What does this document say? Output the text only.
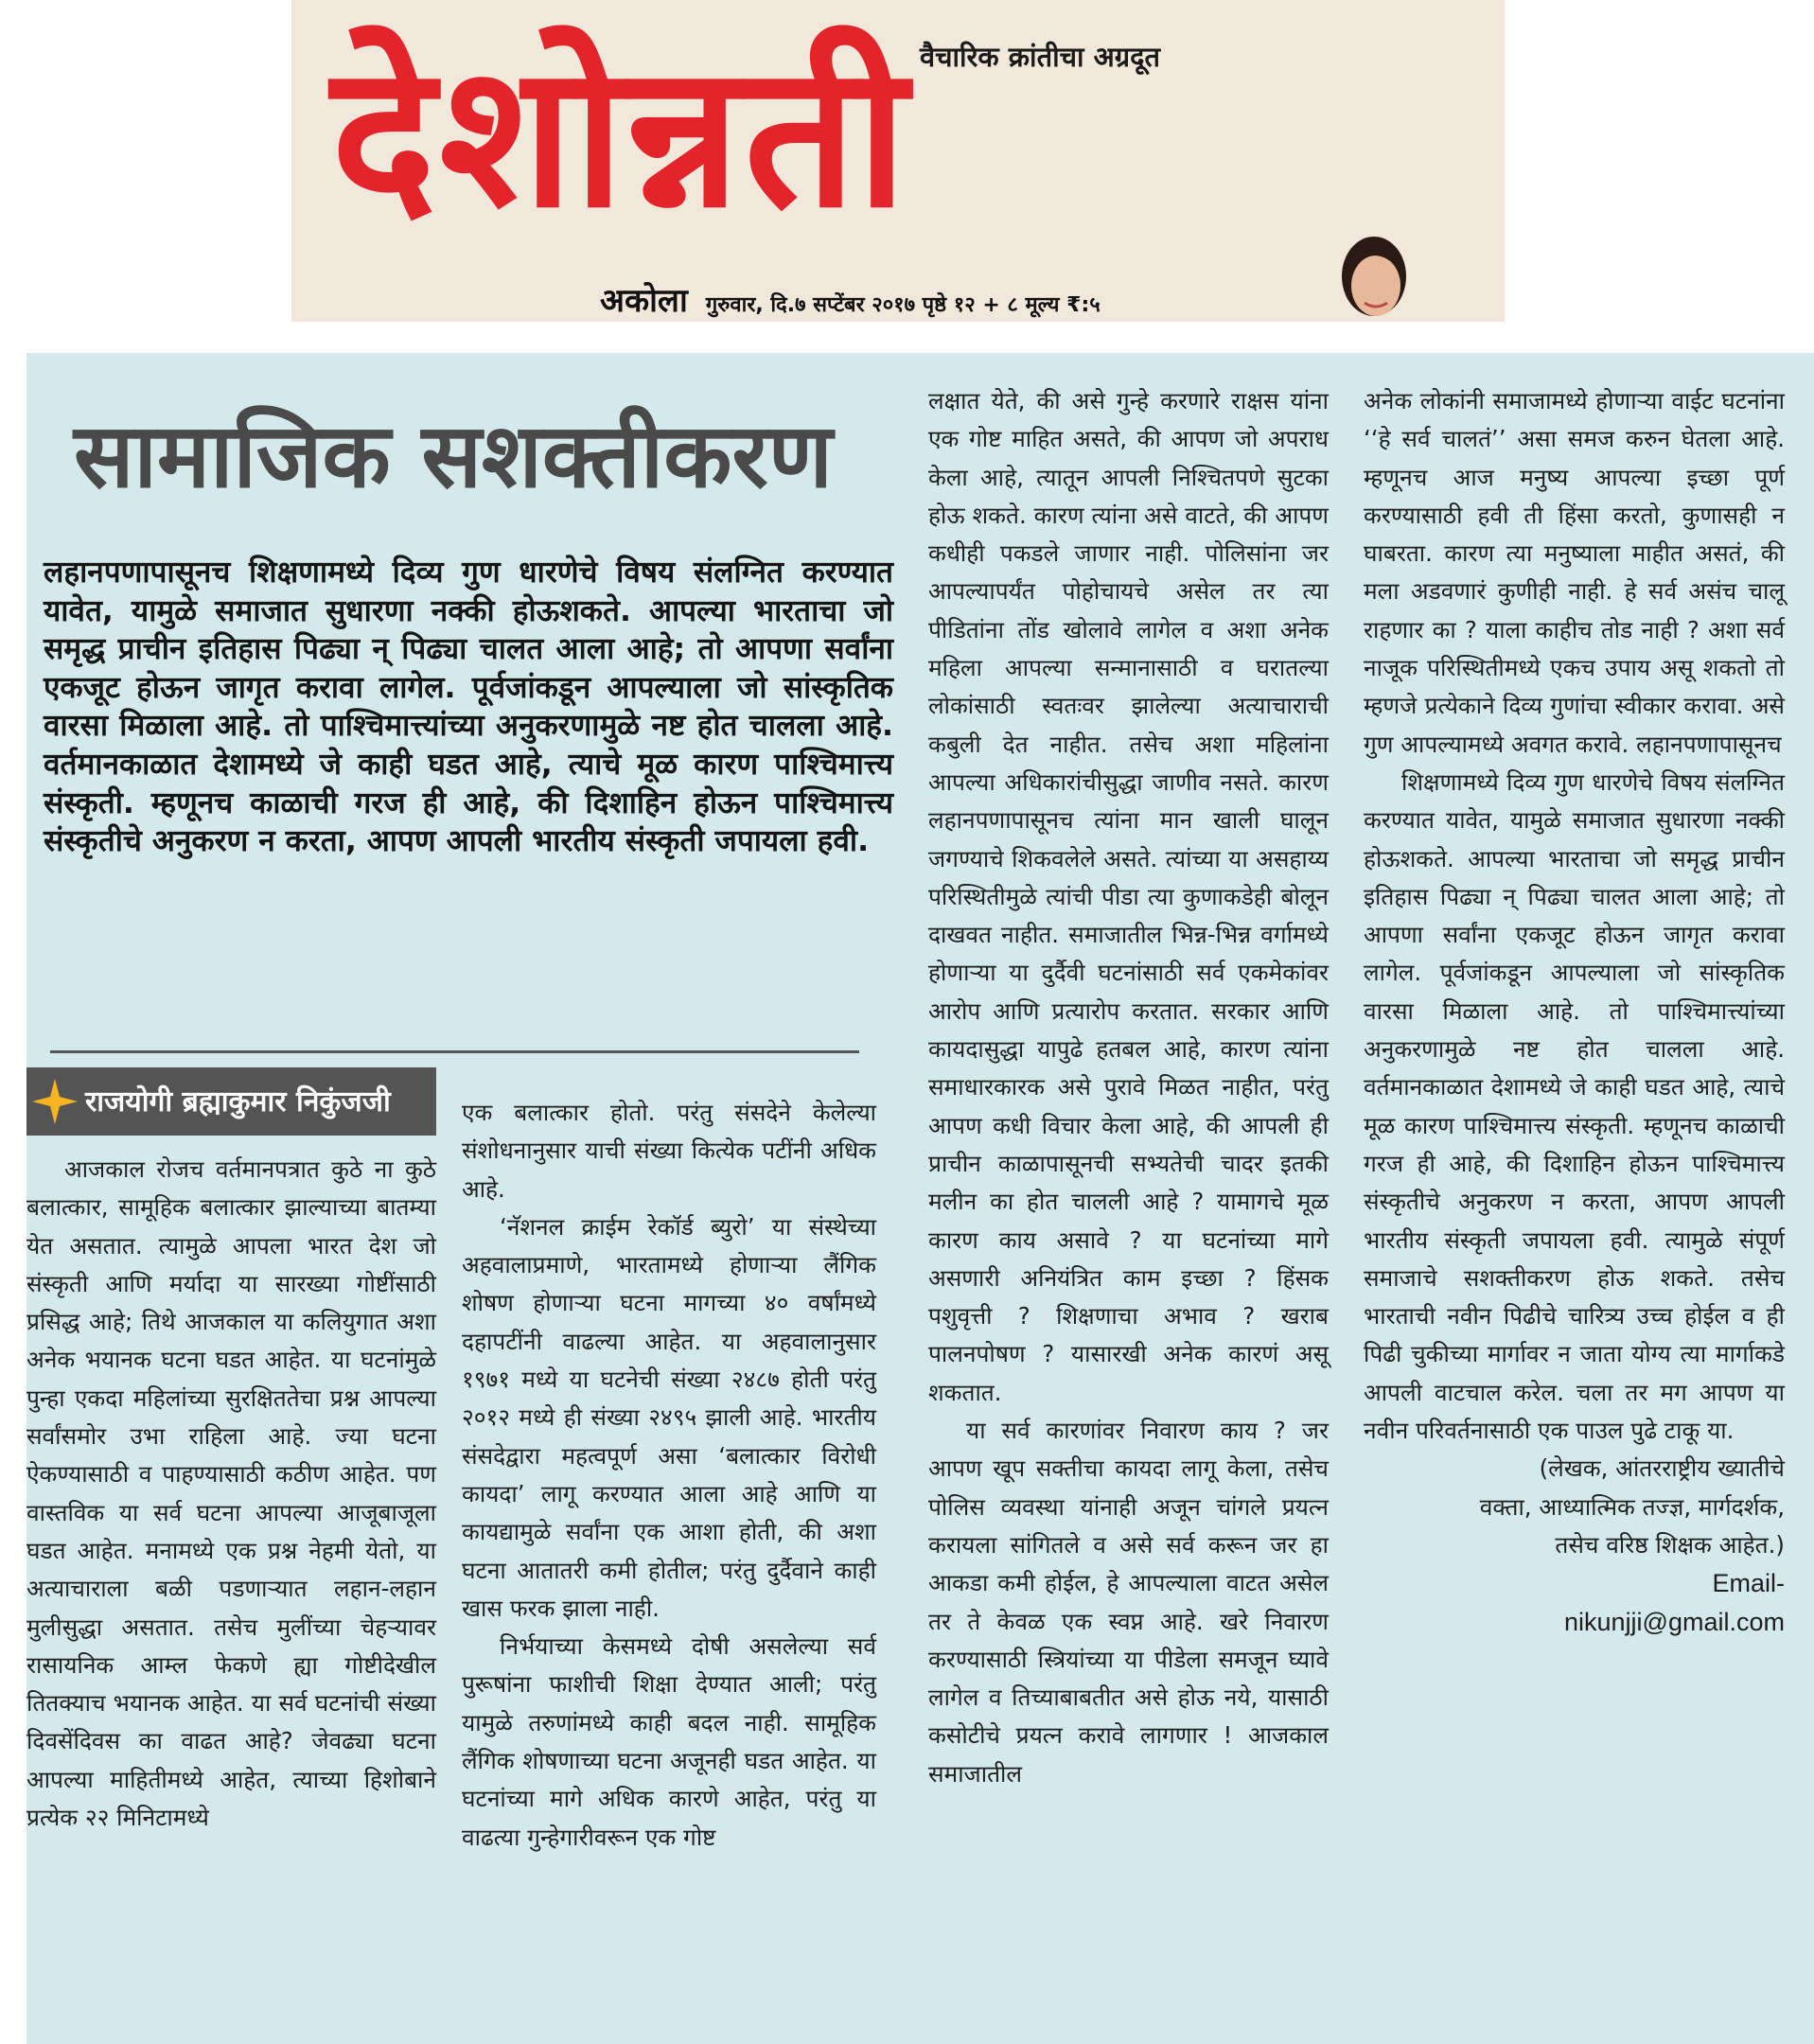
वैचारिक क्रांतीचा अग्रदूत
देशोन्नती
अकोला गुरुवार, दि.७ सप्टेंबर २०१७ पृष्ठे १२ + ८ मूल्य ₹:५
सामाजिक सशक्तीकरण

लहानपणापासूनच शिक्षणामध्ये दिव्य गुण धारणेचे विषय संलग्नित करण्यात यावेत, यामुळे समाजात सुधारणा नक्की होऊशकते. आपल्या भारताचा जो समृद्ध प्राचीन इतिहास पिढ्या न् पिढ्या चालत आला आहे; तो आपणा सर्वांना एकजूट होऊन जागृत करावा लागेल. पूर्वजांकडून आपल्याला जो सांस्कृतिक वारसा मिळाला आहे. तो पाश्चिमात्त्यांच्या अनुकरणामुळे नष्ट होत चालला आहे. वर्तमानकाळात देशामध्ये जे काही घडत आहे, त्याचे मूळ कारण पाश्चिमात्त्य संस्कृती. म्हणूनच काळाची गरज ही आहे, की दिशाहिन होऊन पाश्चिमात्त्य संस्कृतीचे अनुकरण न करता, आपण आपली भारतीय संस्कृती जपायला हवी.

राजयोगी ब्रह्माकुमार निकुंजजी

आजकाल रोजच वर्तमानपत्रात कुठे ना कुठे बलात्कार, सामूहिक बलात्कार झाल्याच्या बातम्या येत असतात. त्यामुळे आपला भारत देश जो संस्कृती आणि मर्यादा या सारख्या गोष्टींसाठी प्रसिद्ध आहे; तिथे आजकाल या कलियुगात अशा अनेक भयानक घटना घडत आहेत. या घटनांमुळे पुन्हा एकदा महिलांच्या सुरक्षिततेचा प्रश्न आपल्या सर्वांसमोर उभा राहिला आहे. ज्या घटना ऐकण्यासाठी व पाहण्यासाठी कठीण आहेत. पण वास्तविक या सर्व घटना आपल्या आजूबाजूला घडत आहेत. मनामध्ये एक प्रश्न नेहमी येतो, या अत्याचाराला बळी पडणाऱ्यात लहान-लहान मुलीसुद्धा असतात. तसेच मुलींच्या चेहऱ्यावर रासायनिक आम्ल फेकणे ह्या गोष्टीदेखील तितक्याच भयानक आहेत. या सर्व घटनांची संख्या दिवसेंदिवस का वाढत आहे? जेवढ्या घटना आपल्या माहितीमध्ये आहेत, त्याच्या हिशोबाने प्रत्येक २२ मिनिटामध्ये

एक बलात्कार होतो. परंतु संसदेने केलेल्या संशोधनानुसार याची संख्या कित्येक पटींनी अधिक आहे.

‘नॅशनल क्राईम रेकॉर्ड ब्युरो’ या संस्थेच्या अहवालाप्रमाणे, भारतामध्ये होणाऱ्या लैंगिक शोषण होणाऱ्या घटना मागच्या ४० वर्षांमध्ये दहापटींनी वाढल्या आहेत. या अहवालानुसार १९७१ मध्ये या घटनेची संख्या २४८७ होती परंतु २०१२ मध्ये ही संख्या २४९५ झाली आहे. भारतीय संसदेद्वारा महत्वपूर्ण असा ‘बलात्कार विरोधी कायदा’ लागू करण्यात आला आहे आणि या कायद्यामुळे सर्वांना एक आशा होती, की अशा घटना आतातरी कमी होतील; परंतु दुर्दैवाने काही खास फरक झाला नाही.

निर्भयाच्या केसमध्ये दोषी असलेल्या सर्व पुरूषांना फाशीची शिक्षा देण्यात आली; परंतु यामुळे तरुणांमध्ये काही बदल नाही. सामूहिक लैंगिक शोषणाच्या घटना अजूनही घडत आहेत. या घटनांच्या मागे अधिक कारणे आहेत, परंतु या वाढत्या गुन्हेगारीवरून एक गोष्ट

लक्षात येते, की असे गुन्हे करणारे राक्षस यांना एक गोष्ट माहित असते, की आपण जो अपराध केला आहे, त्यातून आपली निश्चितपणे सुटका होऊ शकते. कारण त्यांना असे वाटते, की आपण कधीही पकडले जाणार नाही. पोलिसांना जर आपल्यापर्यंत पोहोचायचे असेल तर त्या पीडितांना तोंड खोलावे लागेल व अशा अनेक महिला आपल्या सन्मानासाठी व घरातल्या लोकांसाठी स्वतःवर झालेल्या अत्याचाराची कबुली देत नाहीत. तसेच अशा महिलांना आपल्या अधिकारांचीसुद्धा जाणीव नसते. कारण लहानपणापासूनच त्यांना मान खाली घालून जगण्याचे शिकवलेले असते. त्यांच्या या असहाय्य परिस्थितीमुळे त्यांची पीडा त्या कुणाकडेही बोलून दाखवत नाहीत. समाजातील भिन्न-भिन्न वर्गामध्ये होणाऱ्या या दुर्दैवी घटनांसाठी सर्व एकमेकांवर आरोप आणि प्रत्यारोप करतात. सरकार आणि कायदासुद्धा यापुढे हतबल आहे, कारण त्यांना समाधारकारक असे पुरावे मिळत नाहीत, परंतु आपण कधी विचार केला आहे, की आपली ही प्राचीन काळापासूनची सभ्यतेची चादर इतकी मलीन का होत चालली आहे ? यामागचे मूळ कारण काय असावे ? या घटनांच्या मागे असणारी अनियंत्रित काम इच्छा ? हिंसक पशुवृत्ती ? शिक्षणाचा अभाव ? खराब पालनपोषण ? यासारखी अनेक कारणं असू शकतात.

या सर्व कारणांवर निवारण काय ? जर आपण खूप सक्तीचा कायदा लागू केला, तसेच पोलिस व्यवस्था यांनाही अजून चांगले प्रयत्न करायला सांगितले व असे सर्व करून जर हा आकडा कमी होईल, हे आपल्याला वाटत असेल तर ते केवळ एक स्वप्न आहे. खरे निवारण करण्यासाठी स्त्रियांच्या या पीडेला समजून घ्यावे लागेल व तिच्याबाबतीत असे होऊ नये, यासाठी कसोटीचे प्रयत्न करावे लागणार ! आजकाल समाजातील

अनेक लोकांनी समाजामध्ये होणाऱ्या वाईट घटनांना ‘‘हे सर्व चालतं’’ असा समज करुन घेतला आहे. म्हणूनच आज मनुष्य आपल्या इच्छा पूर्ण करण्यासाठी हवी ती हिंसा करतो, कुणासही न घाबरता. कारण त्या मनुष्याला माहीत असतं, की मला अडवणारं कुणीही नाही. हे सर्व असंच चालू राहणार का ? याला काहीच तोड नाही ? अशा सर्व नाजूक परिस्थितीमध्ये एकच उपाय असू शकतो तो म्हणजे प्रत्येकाने दिव्य गुणांचा स्वीकार करावा. असे गुण आपल्यामध्ये अवगत करावे. लहानपणापासूनच

शिक्षणामध्ये दिव्य गुण धारणेचे विषय संलग्नित करण्यात यावेत, यामुळे समाजात सुधारणा नक्की होऊशकते. आपल्या भारताचा जो समृद्ध प्राचीन इतिहास पिढ्या न् पिढ्या चालत आला आहे; तो आपणा सर्वांना एकजूट होऊन जागृत करावा लागेल. पूर्वजांकडून आपल्याला जो सांस्कृतिक वारसा मिळाला आहे. तो पाश्चिमात्त्यांच्या अनुकरणामुळे नष्ट होत चालला आहे. वर्तमानकाळात देशामध्ये जे काही घडत आहे, त्याचे मूळ कारण पाश्चिमात्त्य संस्कृती. म्हणूनच काळाची गरज ही आहे, की दिशाहिन होऊन पाश्चिमात्त्य संस्कृतीचे अनुकरण न करता, आपण आपली भारतीय संस्कृती जपायला हवी. त्यामुळे संपूर्ण समाजाचे सशक्तीकरण होऊ शकते. तसेच भारताची नवीन पिढीचे चारित्र्य उच्च होईल व ही पिढी चुकीच्या मार्गावर न जाता योग्य त्या मार्गाकडे आपली वाटचाल करेल. चला तर मग आपण या नवीन परिवर्तनासाठी एक पाउल पुढे टाकू या.

(लेखक, आंतरराष्ट्रीय ख्यातीचे

वक्ता, आध्यात्मिक तज्ज्ञ, मार्गदर्शक,

तसेच वरिष्ठ शिक्षक आहेत.)

Email-

nikunjji@gmail.com
